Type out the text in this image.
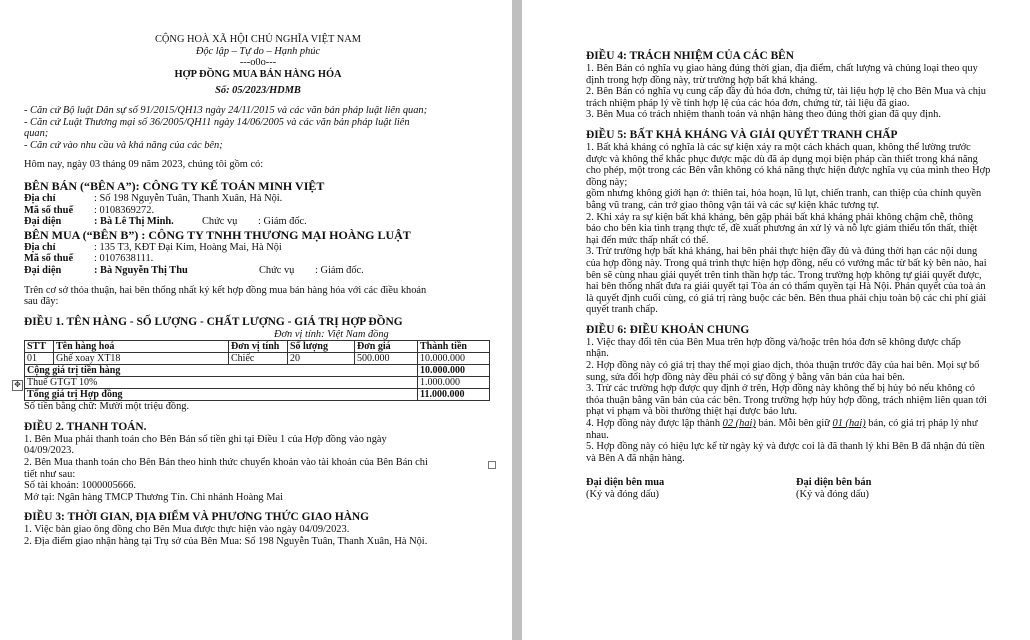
CỘNG HOÀ XÃ HỘI CHỦ NGHĨA VIỆT NAM

Độc lập – Tự do – Hạnh phúc

---o0o---

HỢP ĐỒNG MUA BÁN HÀNG HÓA

Số: 05/2023/HDMB

- Căn cứ Bộ luật Dân sự số 91/2015/QH13 ngày 24/11/2015 và các văn bản pháp luật liên quan;

- Căn cứ Luật Thương mại số 36/2005/QH11 ngày 14/06/2005 và các văn bản pháp luật liên

quan;

- Căn cứ vào nhu cầu và khả năng của các bên;

Hôm nay, ngày 03 tháng 09 năm 2023, chúng tôi gồm có:

BÊN BÁN (“BÊN A”): CÔNG TY KẾ TOÁN MINH VIỆT

Địa chỉ	: Số 198 Nguyễn Tuân, Thanh Xuân, Hà Nội.
Mã số thuế	: 0108369272.
Đại diện	: Bà Lê Thị Minh.	Chức vụ	: Giám đốc.

BÊN MUA (“BÊN B”) : CÔNG TY TNHH THƯƠNG MẠI HOÀNG LUẬT

Địa chỉ	: 135 T3, KĐT Đại Kim, Hoàng Mai, Hà Nội
Mã số thuế	: 0107638111.
Đại diện	: Bà Nguyễn Thị Thu	Chức vụ	: Giám đốc.

Trên cơ sở thỏa thuận, hai bên thống nhất ký kết hợp đồng mua bán hàng hóa với các điều khoản

sau đây:

ĐIỀU 1. TÊN HÀNG - SỐ LƯỢNG - CHẤT LƯỢNG - GIÁ TRỊ HỢP ĐỒNG

Đơn vị tính: Việt Nam đồng

STT	Tên hàng hoá	Đơn vị tính	Số lượng	Đơn giá	Thành tiền
01	Ghế xoay XT18	Chiếc	20	500.000	10.000.000
Cộng giá trị tiền hàng					10.000.000
Thuế GTGT 10%					1.000.000
Tổng giá trị Hợp đồng					11.000.000

Số tiền bằng chữ: Mười một triệu đồng.

ĐIỀU 2. THANH TOÁN.

1. Bên Mua phải thanh toán cho Bên Bán số tiền ghi tại Điều 1 của Hợp đồng vào ngày

04/09/2023.

2. Bên Mua thanh toán cho Bên Bán theo hình thức chuyển khoản vào tài khoản của Bên Bán chi

tiết như sau:

Số tài khoản: 1000005666.

Mở tại: Ngân hàng TMCP Thương Tín. Chi nhánh Hoàng Mai

ĐIỀU 3: THỜI GIAN, ĐỊA ĐIỂM VÀ PHƯƠNG THỨC GIAO HÀNG

1. Việc bàn giao ông đồng cho Bên Mua được thực hiện vào ngày 04/09/2023.

2. Địa điểm giao nhận hàng tại Trụ sở của Bên Mua: Số 198 Nguyễn Tuân, Thanh Xuân, Hà Nội.

✥

ĐIỀU 4: TRÁCH NHIỆM CỦA CÁC BÊN

1. Bên Bán có nghĩa vụ giao hàng đúng thời gian, địa điểm, chất lượng và chủng loại theo quy

định trong hợp đồng này, trừ trường hợp bất khả kháng.

2. Bên Bán có nghĩa vụ cung cấp đầy đủ hóa đơn, chứng từ, tài liệu hợp lệ cho Bên Mua và chịu

trách nhiệm pháp lý về tính hợp lệ của các hóa đơn, chứng từ, tài liệu đã giao.

3. Bên Mua có trách nhiệm thanh toán và nhận hàng theo đúng thời gian đã quy định.

ĐIỀU 5: BẤT KHẢ KHÁNG VÀ GIẢI QUYẾT TRANH CHẤP

1. Bất khả kháng có nghĩa là các sự kiện xảy ra một cách khách quan, không thể lường trước

được và không thể khắc phục được mặc dù đã áp dụng mọi biện pháp cần thiết trong khả năng

cho phép, một trong các Bên vẫn không có khả năng thực hiện được nghĩa vụ của mình theo Hợp

đồng này;

gồm nhưng không giới hạn ở: thiên tai, hỏa hoạn, lũ lụt, chiến tranh, can thiệp của chính quyền

bằng vũ trang, cản trở giao thông vận tải và các sự kiện khác tương tự.

2. Khi xảy ra sự kiện bất khả kháng, bên gặp phải bất khả kháng phải không chậm chễ, thông

báo cho bên kia tình trạng thực tế, đề xuất phương án xử lý và nỗ lực giảm thiểu tổn thất, thiệt

hại đến mức thấp nhất có thể.

3. Trừ trường hợp bất khả kháng, hai bên phải thực hiện đầy đủ và đúng thời hạn các nội dung

của hợp đồng này. Trong quá trình thực hiện hợp đồng, nếu có vướng mắc từ bất kỳ bên nào, hai

bên sẽ cùng nhau giải quyết trên tinh thần hợp tác. Trong trường hợp không tự giải quyết được,

hai bên thống nhất đưa ra giải quyết tại Tòa án có thẩm quyền tại Hà Nội. Phán quyết của toà án

là quyết định cuối cùng, có giá trị ràng buộc các bên. Bên thua phải chịu toàn bộ các chi phí giải

quyết tranh chấp.

ĐIỀU 6: ĐIỀU KHOẢN CHUNG

1. Việc thay đổi tên của Bên Mua trên hợp đồng và/hoặc trên hóa đơn sẽ không được chấp

nhận.

2. Hợp đồng này có giá trị thay thế mọi giao dịch, thỏa thuận trước đây của hai bên. Mọi sự bổ

sung, sửa đổi hợp đồng này đều phải có sự đồng ý bằng văn bản của hai bên.

3. Trừ các trường hợp được quy định ở trên, Hợp đồng này không thể bị hủy bỏ nếu không có

thỏa thuận bằng văn bản của các bên. Trong trường hợp hủy hợp đồng, trách nhiệm liên quan tới

phạt vi phạm và bồi thường thiệt hại được bảo lưu.

4. Hợp đồng này được lập thành 02 (hai) bản. Mỗi bên giữ 01 (hai) bản, có giá trị pháp lý như

nhau.

5. Hợp đồng này có hiệu lực kể từ ngày ký và được coi là đã thanh lý khi Bên B đã nhận đủ tiền

và Bên A đã nhận hàng.

Đại diện bên mua	Đại diện bên bán
(Ký và đóng dấu)	(Ký và đóng dấu)
